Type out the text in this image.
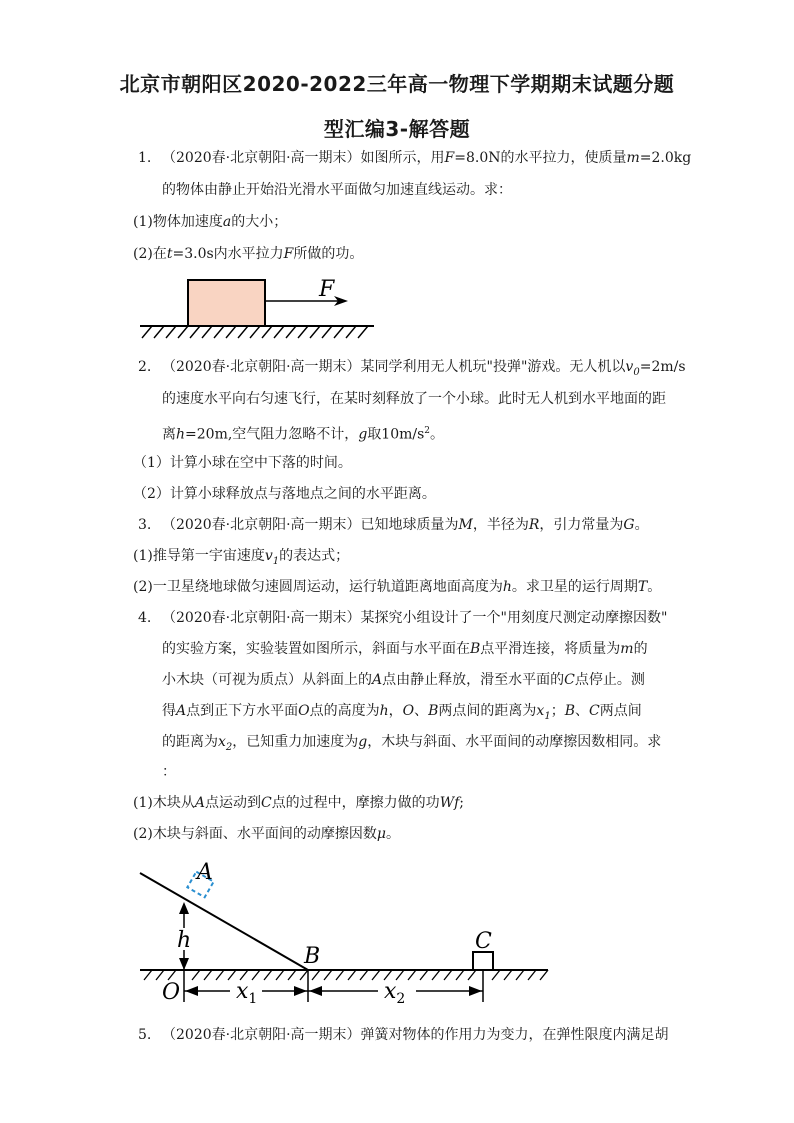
北京市朝阳区2020-2022三年高一物理下学期期末试题分题
型汇编3-解答题
1. （2020春·北京朝阳·高一期末）如图所示，用F=8.0N的水平拉力，使质量m=2.0kg
的物体由静止开始沿光滑水平面做匀加速直线运动。求：
(1)物体加速度a的大小；
(2)在t=3.0s内水平拉力F所做的功。
F
2. （2020春·北京朝阳·高一期末）某同学利用无人机玩"投弹"游戏。无人机以$v_0=2m/s$
的速度水平向右匀速飞行，在某时刻释放了一个小球。此时无人机到水平地面的距
离h=20m,空气阻力忽略不计，g取$10m/s^2$。
（1）计算小球在空中下落的时间。
（2）计算小球释放点与落地点之间的水平距离。
3. （2020春·北京朝阳·高一期末）已知地球质量为M，半径为R，引力常量为G。
(1)推导第一宇宙速度$v_1$的表达式；
(2)一卫星绕地球做匀速圆周运动，运行轨道距离地面高度为h。求卫星的运行周期T。
4. （2020春·北京朝阳·高一期末）某探究小组设计了一个"用刻度尺测定动摩擦因数"
的实验方案，实验装置如图所示，斜面与水平面在B点平滑连接，将质量为m的
小木块（可视为质点）从斜面上的A点由静止释放，滑至水平面的C点停止。测
得A点到正下方水平面O点的高度为h，O、B两点间的距离为$x_1$；B、C两点间
的距离为$x_2$，已知重力加速度为g，木块与斜面、水平面间的动摩擦因数相同。求
：
(1)木块从A点运动到C点的过程中，摩擦力做的功Wf;
(2)木块与斜面、水平面间的动摩擦因数μ。
A
h	C
B
O	$x_1$	$x_2$
5. （2020春·北京朝阳·高一期末）弹簧对物体的作用力为变力，在弹性限度内满足胡
